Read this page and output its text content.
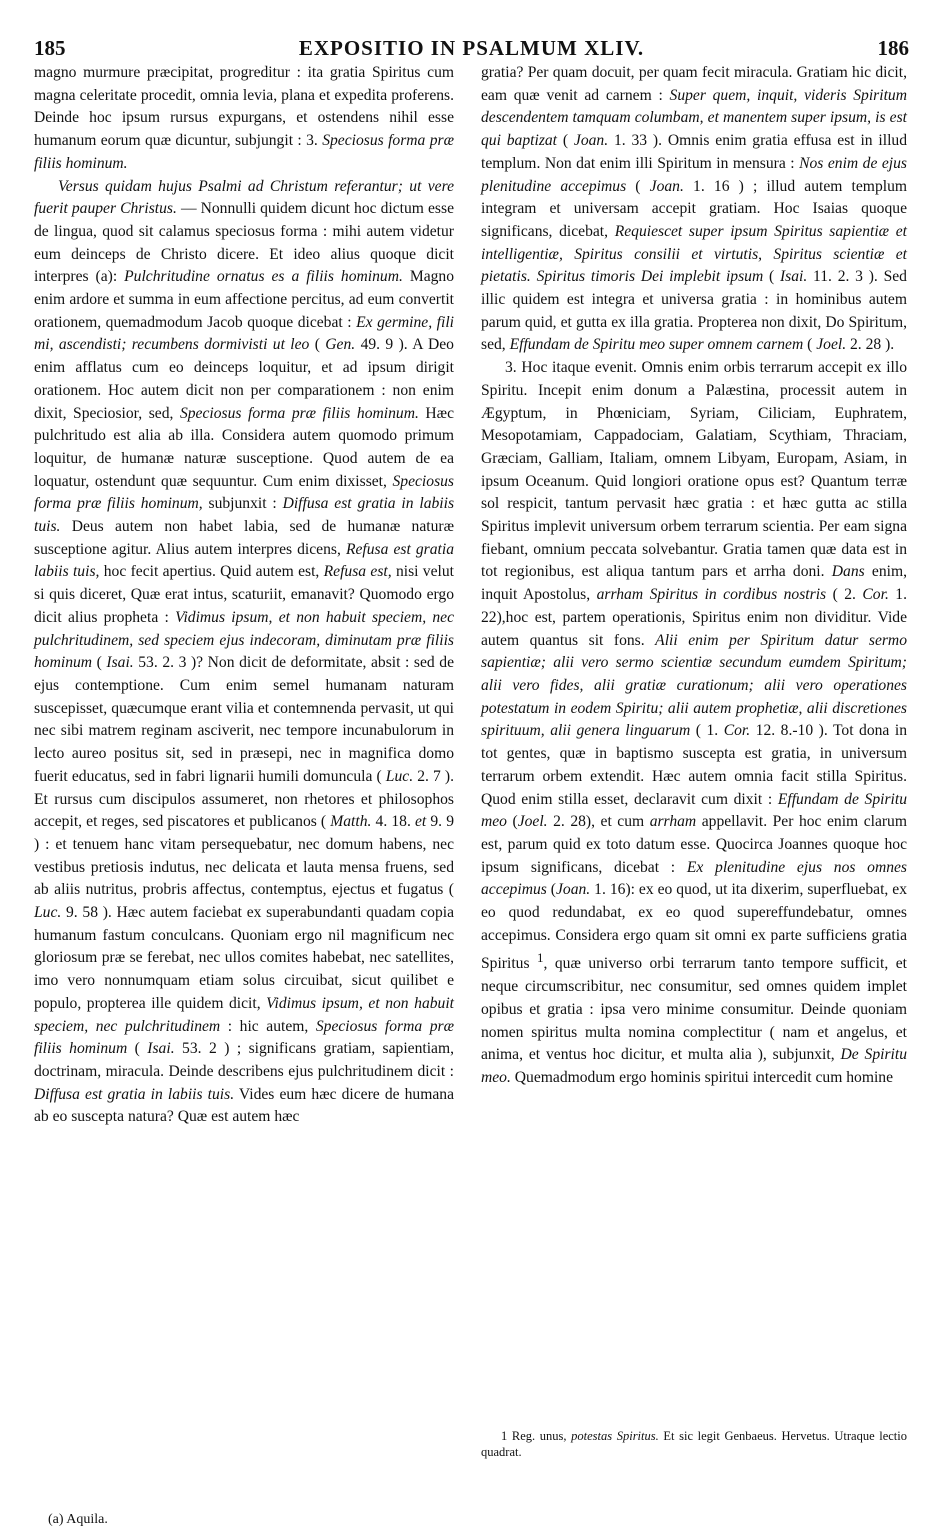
185	EXPOSITIO IN PSALMUM XLIV.	186

magno murmure præcipitat, progreditur : ita gratia Spiritus cum magna celeritate procedit, omnia levia, plana et expedita proferens. Deinde hoc ipsum rursus expurgans, et ostendens nihil esse humanum eorum quæ dicuntur, subjungit : 3. Speciosus forma præ filiis hominum.

Versus quidam hujus Psalmi ad Christum referantur; ut vere fuerit pauper Christus. — Nonnulli quidem dicunt hoc dictum esse de lingua, quod sit calamus speciosus forma : mihi autem videtur eum deinceps de Christo dicere. Et ideo alius quoque dicit interpres (a): Pulchritudine ornatus es a filiis hominum. Magno enim ardore et summa in eum affectione percitus, ad eum convertit orationem, quemadmodum Jacob quoque dicebat : Ex germine, fili mi, ascendisti; recumbens dormivisti ut leo ( Gen. 49. 9 ). A Deo enim afflatus cum eo deinceps loquitur, et ad ipsum dirigit orationem. Hoc autem dicit non per comparationem : non enim dixit, Speciosior, sed, Speciosus forma præ filiis hominum. Hæc pulchritudo est alia ab illa. Considera autem quomodo primum loquitur, de humanæ naturæ susceptione. Quod autem de ea loquatur, ostendunt quæ sequuntur. Cum enim dixisset, Speciosus forma præ filiis hominum, subjunxit : Diffusa est gratia in labiis tuis. Deus autem non habet labia, sed de humanæ naturæ susceptione agitur. Alius autem interpres dicens, Refusa est gratia labiis tuis, hoc fecit apertius. Quid autem est, Refusa est, nisi velut si quis diceret, Quæ erat intus, scaturiit, emanavit? Quomodo ergo dicit alius propheta : Vidimus ipsum, et non habuit speciem, nec pulchritudinem, sed speciem ejus indecoram, diminutam præ filiis hominum ( Isai. 53. 2. 3 )? Non dicit de deformitate, absit : sed de ejus contemptione. Cum enim semel humanam naturam suscepisset, quæcumque erant vilia et contemnenda pervasit, ut qui nec sibi matrem reginam asciverit, nec tempore incunabulorum in lecto aureo positus sit, sed in præsepi, nec in magnifica domo fuerit educatus, sed in fabri lignarii humili domuncula ( Luc. 2. 7 ). Et rursus cum discipulos assumeret, non rhetores et philosophos accepit, et reges, sed piscatores et publicanos ( Matth. 4. 18. et 9. 9 ) : et tenuem hanc vitam persequebatur, nec domum habens, nec vestibus pretiosis indutus, nec delicata et lauta mensa fruens, sed ab aliis nutritus, probris affectus, contemptus, ejectus et fugatus ( Luc. 9. 58 ). Hæc autem faciebat ex superabundanti quadam copia humanum fastum conculcans. Quoniam ergo nil magnificum nec gloriosum præ se ferebat, nec ullos comites habebat, nec satellites, imo vero nonnumquam etiam solus circuibat, sicut quilibet e populo, propterea ille quidem dicit, Vidimus ipsum, et non habuit speciem, nec pulchritudinem : hic autem, Speciosus forma præ filiis hominum ( Isai. 53. 2 ) ; significans gratiam, sapientiam, doctrinam, miracula. Deinde describens ejus pulchritudinem dicit : Diffusa est gratia in labiis tuis. Vides eum hæc dicere de humana ab eo suscepta natura? Quæ est autem hæc

gratia? Per quam docuit, per quam fecit miracula. Gratiam hic dicit, eam quæ venit ad carnem : Super quem, inquit, videris Spiritum descendentem tamquam columbam, et manentem super ipsum, is est qui baptizat ( Joan. 1. 33 ). Omnis enim gratia effusa est in illud templum. Non dat enim illi Spiritum in mensura : Nos enim de ejus plenitudine accepimus ( Joan. 1. 16 ) ; illud autem templum integram et universam accepit gratiam. Hoc Isaias quoque significans, dicebat, Requiescet super ipsum Spiritus sapientiæ et intelligentiæ, Spiritus consilii et virtutis, Spiritus scientiæ et pietatis. Spiritus timoris Dei implebit ipsum ( Isai. 11. 2. 3 ). Sed illic quidem est integra et universa gratia : in hominibus autem parum quid, et gutta ex illa gratia. Propterea non dixit, Do Spiritum, sed, Effundam de Spiritu meo super omnem carnem ( Joel. 2. 28 ).

3. Hoc itaque evenit. Omnis enim orbis terrarum accepit ex illo Spiritu. Incepit enim donum a Palæstina, processit autem in Ægyptum, in Phœniciam, Syriam, Ciliciam, Euphratem, Mesopotamiam, Cappadociam, Galatiam, Scythiam, Thraciam, Græciam, Galliam, Italiam, omnem Libyam, Europam, Asiam, in ipsum Oceanum. Quid longiori oratione opus est? Quantum terræ sol respicit, tantum pervasit hæc gratia : et hæc gutta ac stilla Spiritus implevit universum orbem terrarum scientia. Per eam signa fiebant, omnium peccata solvebantur. Gratia tamen quæ data est in tot regionibus, est aliqua tantum pars et arrha doni. Dans enim, inquit Apostolus, arrham Spiritus in cordibus nostris ( 2. Cor. 1. 22),hoc est, partem operationis, Spiritus enim non dividitur. Vide autem quantus sit fons. Alii enim per Spiritum datur sermo sapientiæ; alii vero sermo scientiæ secundum eumdem Spiritum; alii vero fides, alii gratiæ curationum; alii vero operationes potestatum in eodem Spiritu; alii autem prophetiæ, alii discretiones spirituum, alii genera linguarum ( 1. Cor. 12. 8.-10 ). Tot dona in tot gentes, quæ in baptismo suscepta est gratia, in universum terrarum orbem extendit. Hæc autem omnia facit stilla Spiritus. Quod enim stilla esset, declaravit cum dixit : Effundam de Spiritu meo (Joel. 2. 28), et cum arrham appellavit. Per hoc enim clarum est, parum quid ex toto datum esse. Quocirca Joannes quoque hoc ipsum significans, dicebat : Ex plenitudine ejus nos omnes accepimus (Joan. 1. 16): ex eo quod, ut ita dixerim, superfluebat, ex eo quod redundabat, ex eo quod supereffundebatur, omnes accepimus. Considera ergo quam sit omni ex parte sufficiens gratia Spiritus $^1$, quæ universo orbi terrarum tanto tempore sufficit, et neque circumscribitur, nec consumitur, sed omnes quidem implet opibus et gratia : ipsa vero minime consumitur. Deinde quoniam nomen spiritus multa nomina complectitur ( nam et angelus, et anima, et ventus hoc dicitur, et multa alia ), subjunxit, De Spiritu meo. Quemadmodum ergo hominis spiritui intercedit cum homine

(a) Aquila.
1 Reg. unus, potestas Spiritus. Et sic legit Genbaeus. Hervetus. Utraque lectio quadrat.
